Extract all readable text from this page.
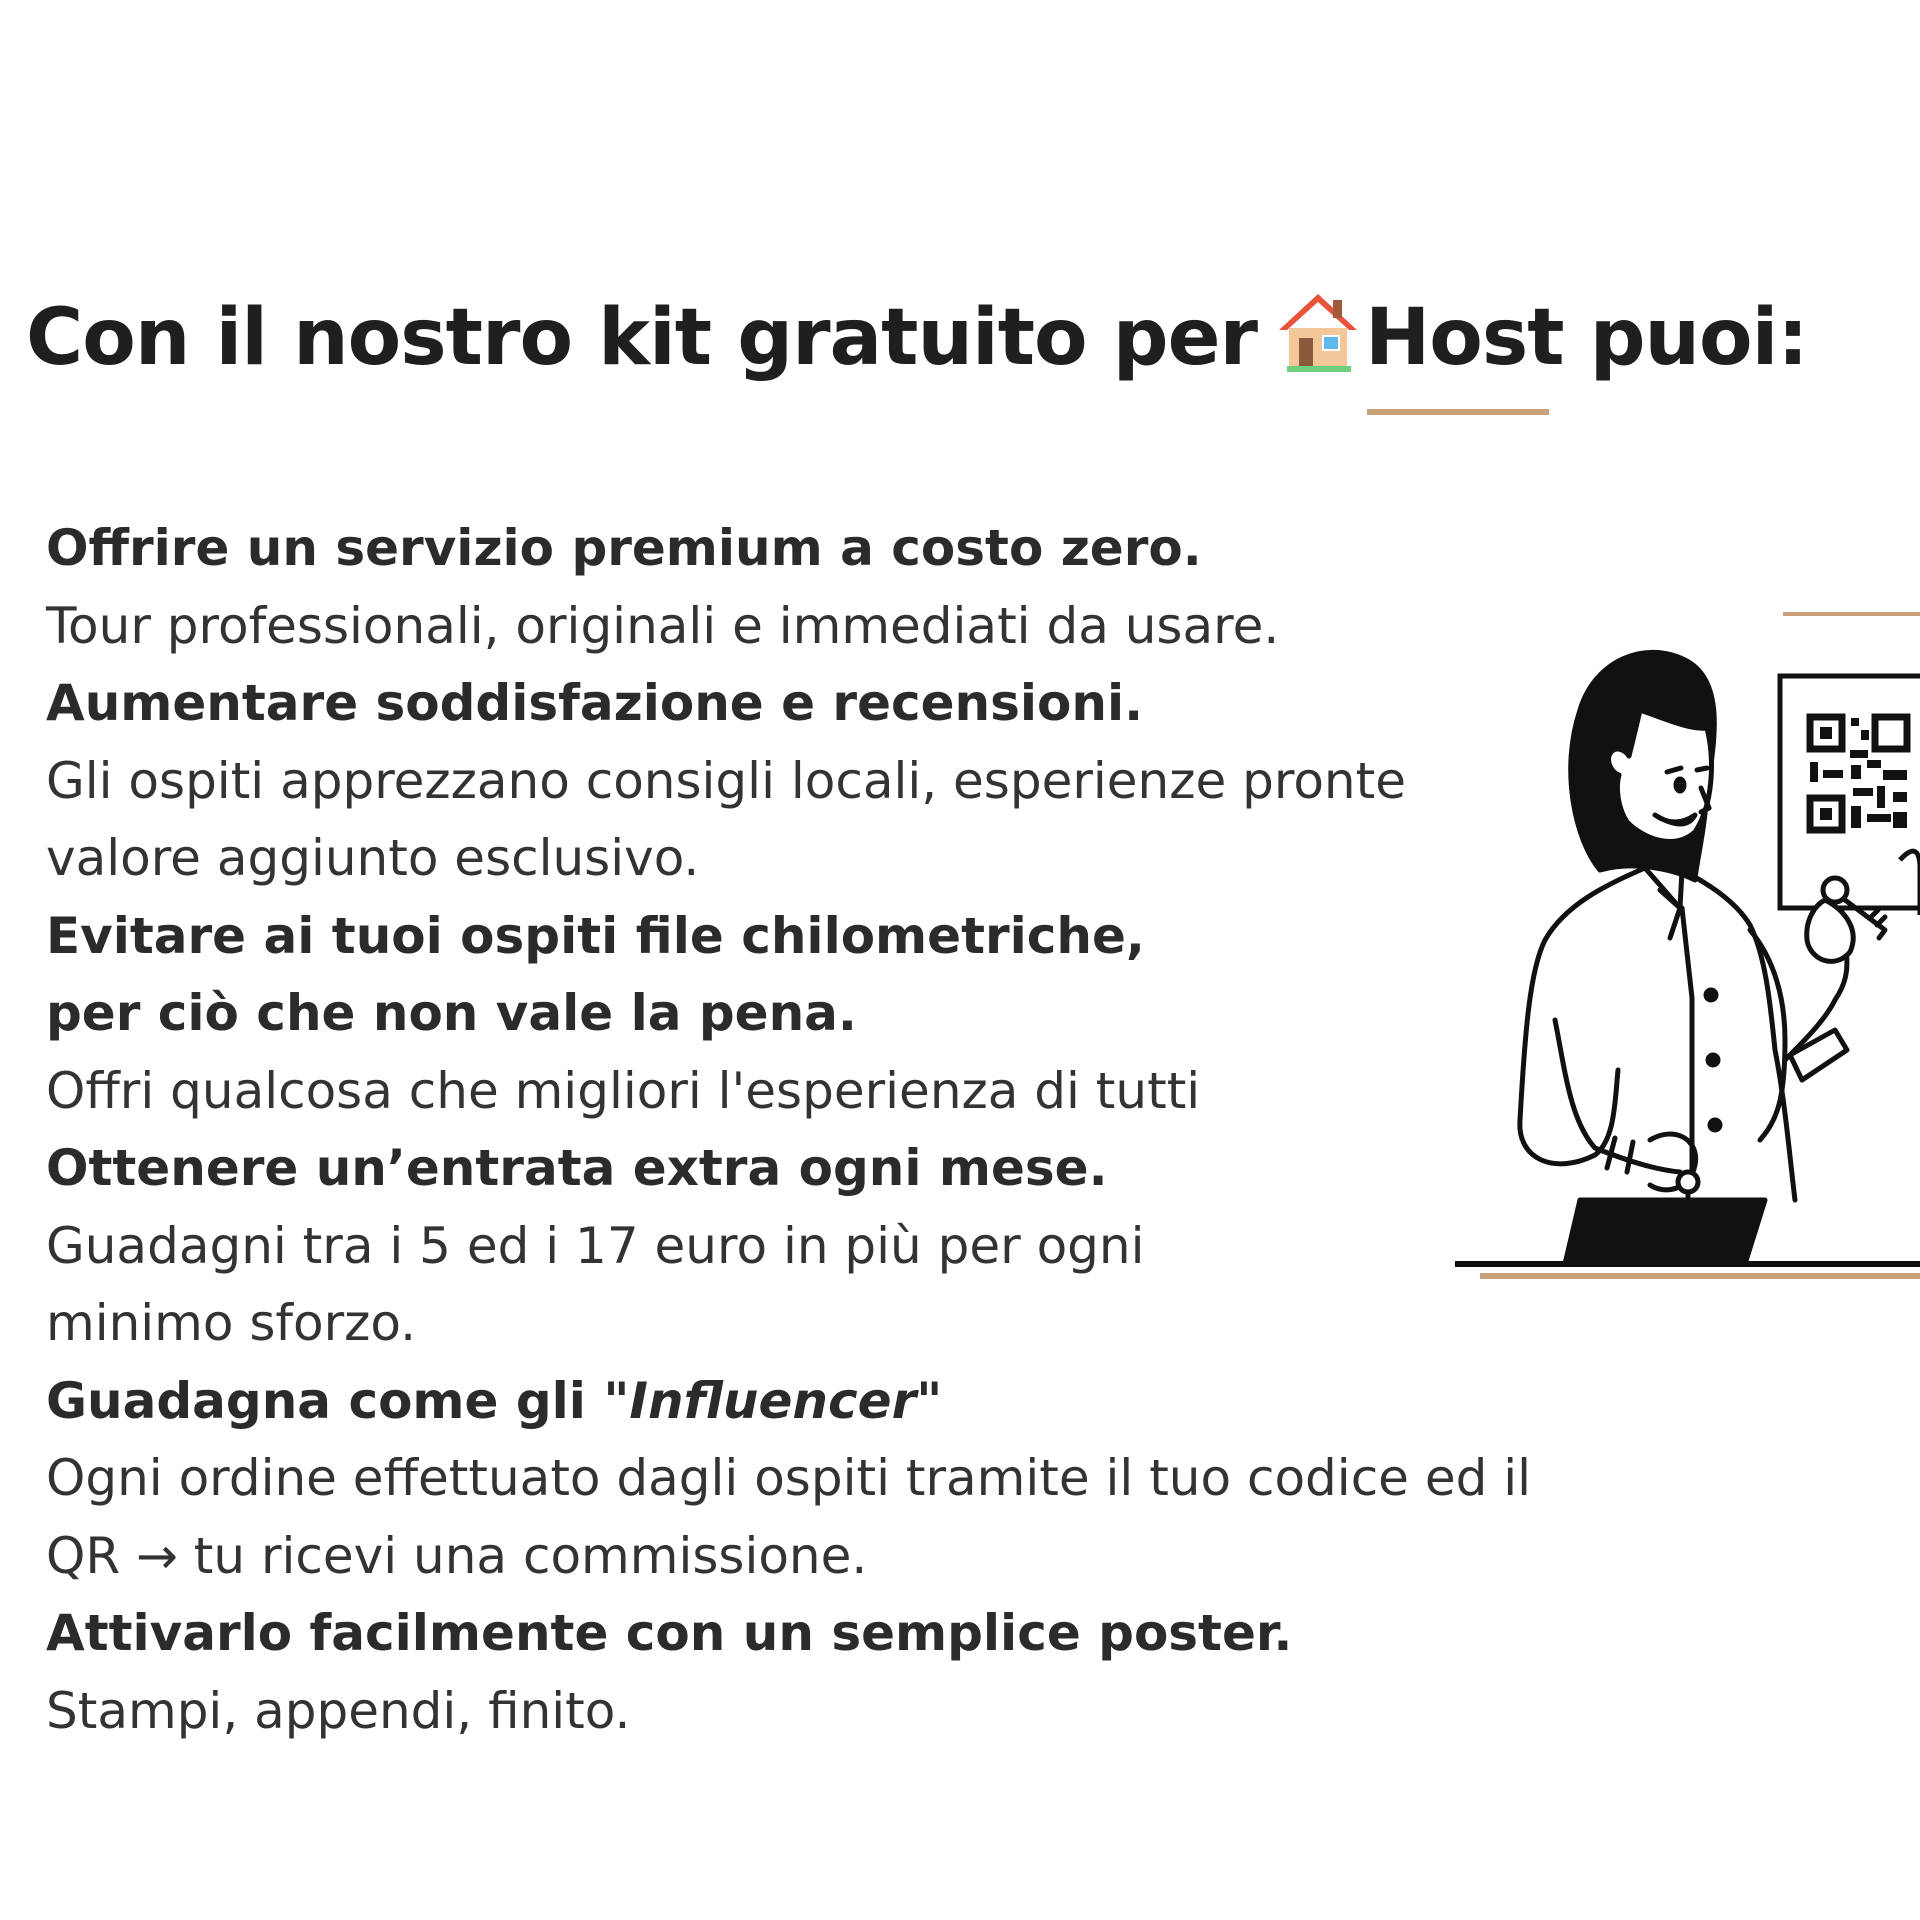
Con il nostro kit gratuito per Host puoi:
Offrire un servizio premium a costo zero.
Tour professionali, originali e immediati da usare.
Aumentare soddisfazione e recensioni.
Gli ospiti apprezzano consigli locali, esperienze pronte
valore aggiunto esclusivo.
Evitare ai tuoi ospiti file chilometriche,
per ciò che non vale la pena.
Offri qualcosa che migliori l'esperienza di tutti
Ottenere un’entrata extra ogni mese.
Guadagni tra i 5 ed i 17 euro in più per ogni
minimo sforzo.
Guadagna come gli "Influencer"
Ogni ordine effettuato dagli ospiti tramite il tuo codice ed il
QR → tu ricevi una commissione.
Attivarlo facilmente con un semplice poster.
Stampi, appendi, finito.
